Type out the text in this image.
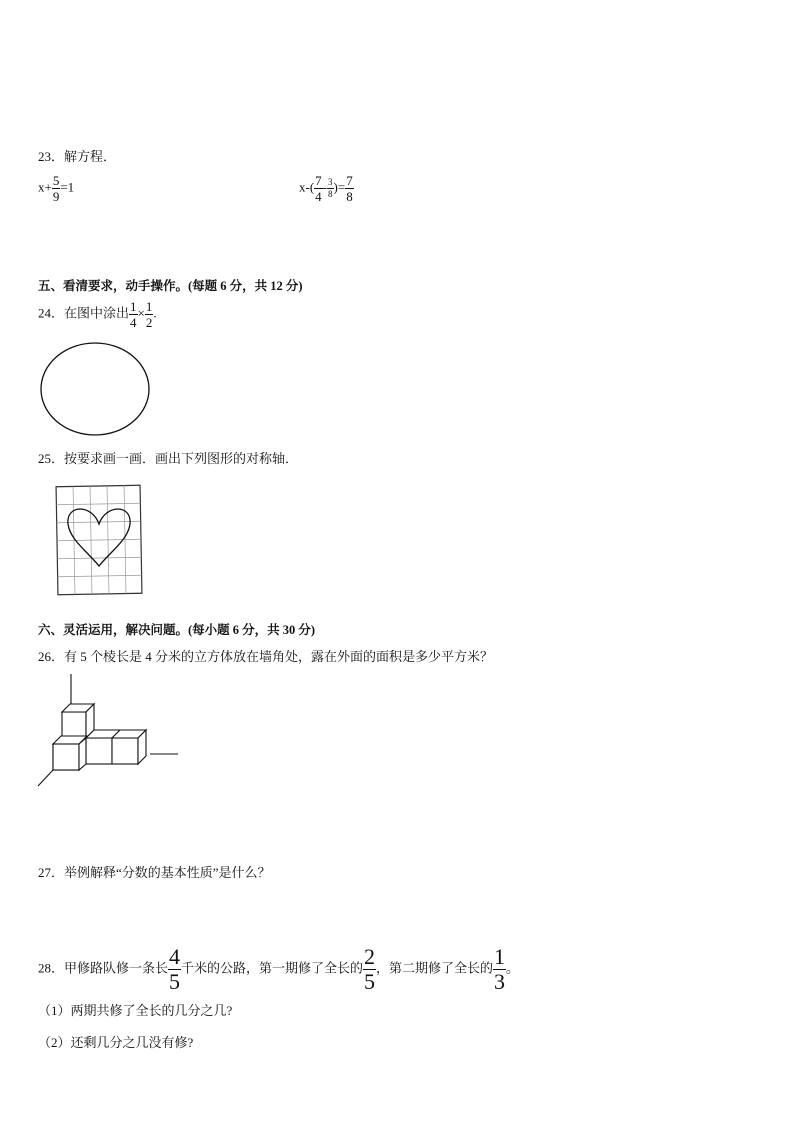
23．解方程．
$x+ \frac{5}{9} =1$	$x-( \frac{7}{4} - \frac{3}{8}$ )= $\frac{7}{8}$
五、看清要求，动手操作。(每题 6 分，共 12 分)
24．在图中涂出 $\frac{1}{4} \times \frac{1}{2}$ .
25．按要求画一画．画出下列图形的对称轴．
六、灵活运用，解决问题。(每小题 6 分，共 30 分)
26．有 5 个棱长是 4 分米的立方体放在墙角处，露在外面的面积是多少平方米？
27．举例解释“分数的基本性质”是什么？
28．甲修路队修一条长 $\frac{4}{5}$ 千米的公路，第一期修了全长的 $\frac{2}{5}$ ，第二期修了全长的 $\frac{1}{3}$ 。
（1）两期共修了全长的几分之几?
（2）还剩几分之几没有修?
